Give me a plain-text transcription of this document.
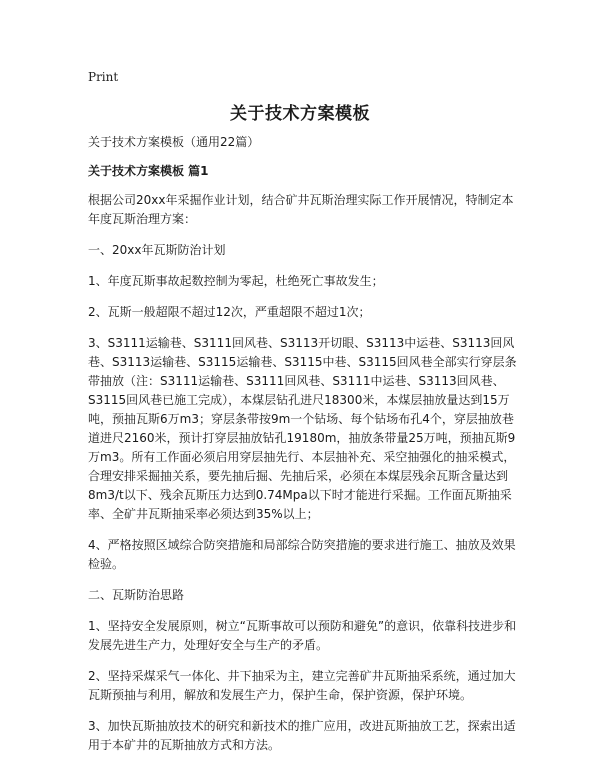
Print
关于技术方案模板

关于技术方案模板（通用22篇）

关于技术方案模板 篇1

根据公司20xx年采掘作业计划，结合矿井瓦斯治理实际工作开展情况，特制定本年度瓦斯治理方案：

一、20xx年瓦斯防治计划

1、年度瓦斯事故起数控制为零起，杜绝死亡事故发生；

2、瓦斯一般超限不超过12次，严重超限不超过1次；

3、S3111运输巷、S3111回风巷、S3113开切眼、S3113中运巷、S3113回风巷、S3113运输巷、S3115运输巷、S3115中巷、S3115回风巷全部实行穿层条带抽放（注：S3111运输巷、S3111回风巷、S3111中运巷、S3113回风巷、S3115回风巷已施工完成），本煤层钻孔进尺18300米，本煤层抽放量达到15万吨，预抽瓦斯6万m3；穿层条带按9m一个钻场、每个钻场布孔4个，穿层抽放巷道进尺2160米，预计打穿层抽放钻孔19180m，抽放条带量25万吨，预抽瓦斯9万m3。所有工作面必须启用穿层抽先行、本层抽补充、采空抽强化的抽采模式，合理安排采掘抽关系，要先抽后掘、先抽后采，必须在本煤层残余瓦斯含量达到8m3/t以下、残余瓦斯压力达到0.74Mpa以下时才能进行采掘。工作面瓦斯抽采率、全矿井瓦斯抽采率必须达到35%以上；

4、严格按照区域综合防突措施和局部综合防突措施的要求进行施工、抽放及效果检验。

二、瓦斯防治思路

1、坚持安全发展原则，树立“瓦斯事故可以预防和避免”的意识，依靠科技进步和发展先进生产力，处理好安全与生产的矛盾。

2、坚持采煤采气一体化、井下抽采为主，建立完善矿井瓦斯抽采系统，通过加大瓦斯预抽与利用，解放和发展生产力，保护生命，保护资源，保护环境。

3、加快瓦斯抽放技术的研究和新技术的推广应用，改进瓦斯抽放工艺，探索出适用于本矿井的瓦斯抽放方式和方法。
